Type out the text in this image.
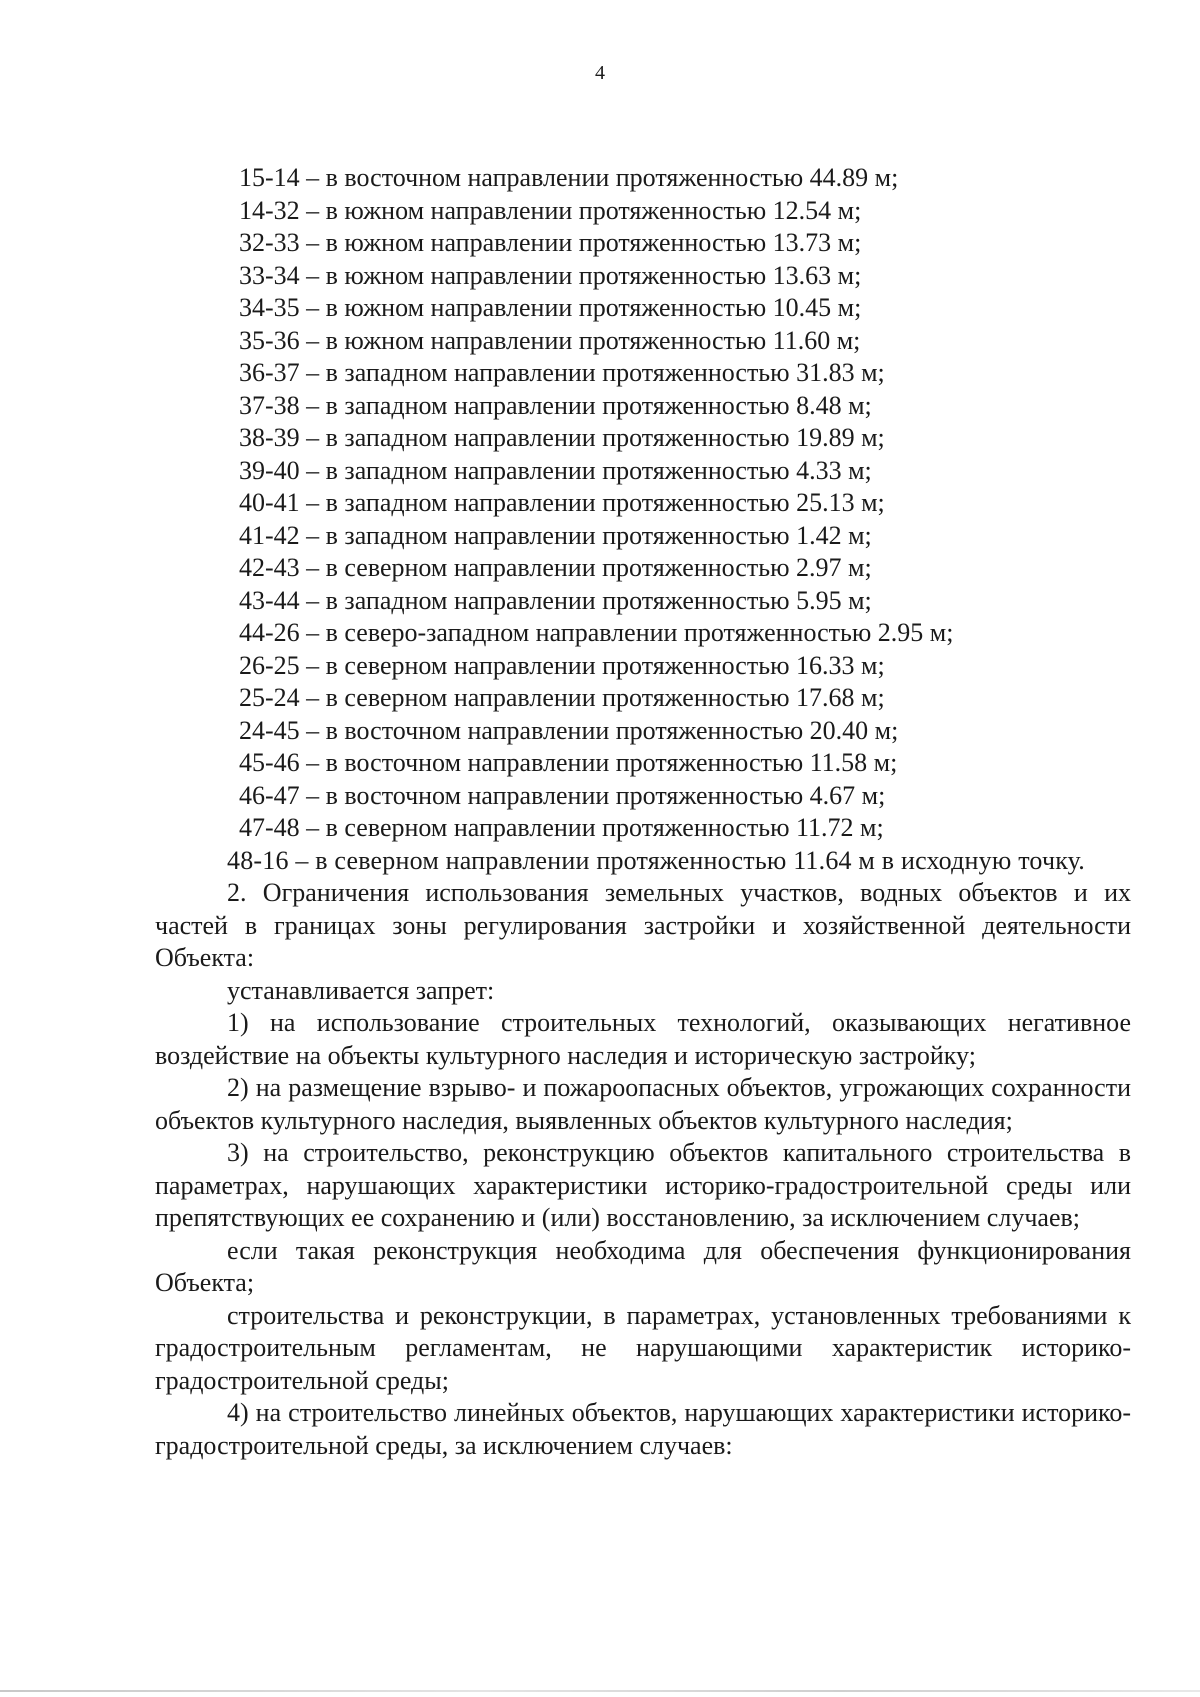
4
15-14 – в восточном направлении протяженностью 44.89 м;
14-32 – в южном направлении протяженностью 12.54 м;
32-33 – в южном направлении протяженностью 13.73 м;
33-34 – в южном направлении протяженностью 13.63 м;
34-35 – в южном направлении протяженностью 10.45 м;
35-36 – в южном направлении протяженностью 11.60 м;
36-37 – в западном направлении протяженностью 31.83 м;
37-38 – в западном направлении протяженностью 8.48 м;
38-39 – в западном направлении протяженностью 19.89 м;
39-40 – в западном направлении протяженностью 4.33 м;
40-41 – в западном направлении протяженностью 25.13 м;
41-42 – в западном направлении протяженностью 1.42 м;
42-43 – в северном направлении протяженностью 2.97 м;
43-44 – в западном направлении протяженностью 5.95 м;
44-26 – в северо-западном направлении протяженностью 2.95 м;
26-25 – в северном направлении протяженностью 16.33 м;
25-24 – в северном направлении протяженностью 17.68 м;
24-45 – в восточном направлении протяженностью 20.40 м;
45-46 – в восточном направлении протяженностью 11.58 м;
46-47 – в восточном направлении протяженностью 4.67 м;
47-48 – в северном направлении протяженностью 11.72 м;

48-16 – в северном направлении протяженностью 11.64 м в исходную точку.

2. Ограничения использования земельных участков, водных объектов и их частей в границах зоны регулирования застройки и хозяйственной деятельности Объекта:

устанавливается запрет:

1) на использование строительных технологий, оказывающих негативное воздействие на объекты культурного наследия и историческую застройку;

2) на размещение взрыво- и пожароопасных объектов, угрожающих сохранности объектов культурного наследия, выявленных объектов культурного наследия;

3) на строительство, реконструкцию объектов капитального строительства в параметрах, нарушающих характеристики историко-градостроительной среды или препятствующих ее сохранению и (или) восстановлению, за исключением случаев;

если такая реконструкция необходима для обеспечения функционирования Объекта;

строительства и реконструкции, в параметрах, установленных требованиями к градостроительным регламентам, не нарушающими характеристик историко-градостроительной среды;

4) на строительство линейных объектов, нарушающих характеристики историко-градостроительной среды, за исключением случаев:
